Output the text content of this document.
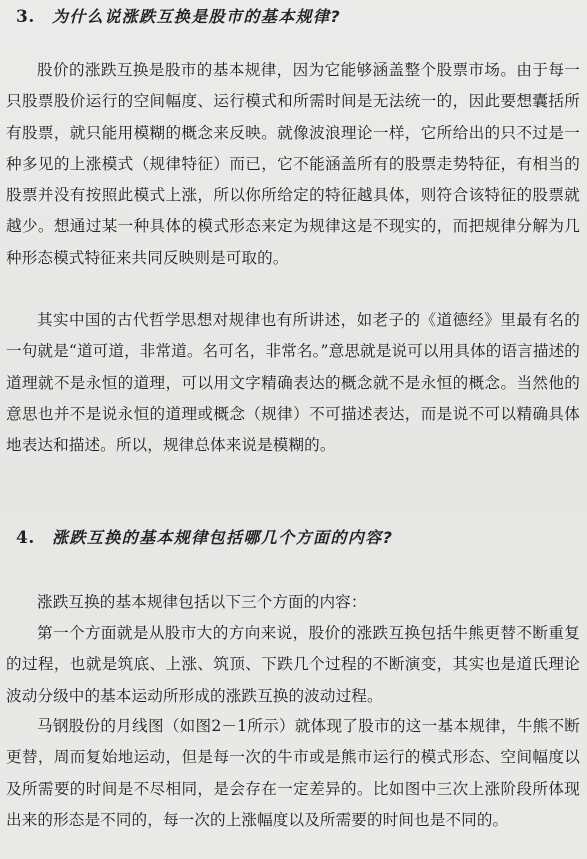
3. 为什么说涨跌互换是股市的基本规律?

股价的涨跌互换是股市的基本规律，因为它能够涵盖整个股票市场。由于每一只股票股价运行的空间幅度、运行模式和所需时间是无法统一的，因此要想囊括所有股票，就只能用模糊的概念来反映。就像波浪理论一样，它所给出的只不过是一种多见的上涨模式（规律特征）而已，它不能涵盖所有的股票走势特征，有相当的股票并没有按照此模式上涨，所以你所给定的特征越具体，则符合该特征的股票就越少。想通过某一种具体的模式形态来定为规律这是不现实的，而把规律分解为几种形态模式特征来共同反映则是可取的。

其实中国的古代哲学思想对规律也有所讲述，如老子的《道德经》里最有名的一句就是“道可道，非常道。名可名，非常名。”意思就是说可以用具体的语言描述的道理就不是永恒的道理，可以用文字精确表达的概念就不是永恒的概念。当然他的意思也并不是说永恒的道理或概念（规律）不可描述表达，而是说不可以精确具体地表达和描述。所以，规律总体来说是模糊的。

4. 涨跌互换的基本规律包括哪几个方面的内容?

涨跌互换的基本规律包括以下三个方面的内容：

第一个方面就是从股市大的方向来说，股价的涨跌互换包括牛熊更替不断重复的过程，也就是筑底、上涨、筑顶、下跌几个过程的不断演变，其实也是道氏理论波动分级中的基本运动所形成的涨跌互换的波动过程。

马钢股份的月线图（如图2－1所示）就体现了股市的这一基本规律，牛熊不断更替，周而复始地运动，但是每一次的牛市或是熊市运行的模式形态、空间幅度以及所需要的时间是不尽相同，是会存在一定差异的。比如图中三次上涨阶段所体现出来的形态是不同的，每一次的上涨幅度以及所需要的时间也是不同的。
